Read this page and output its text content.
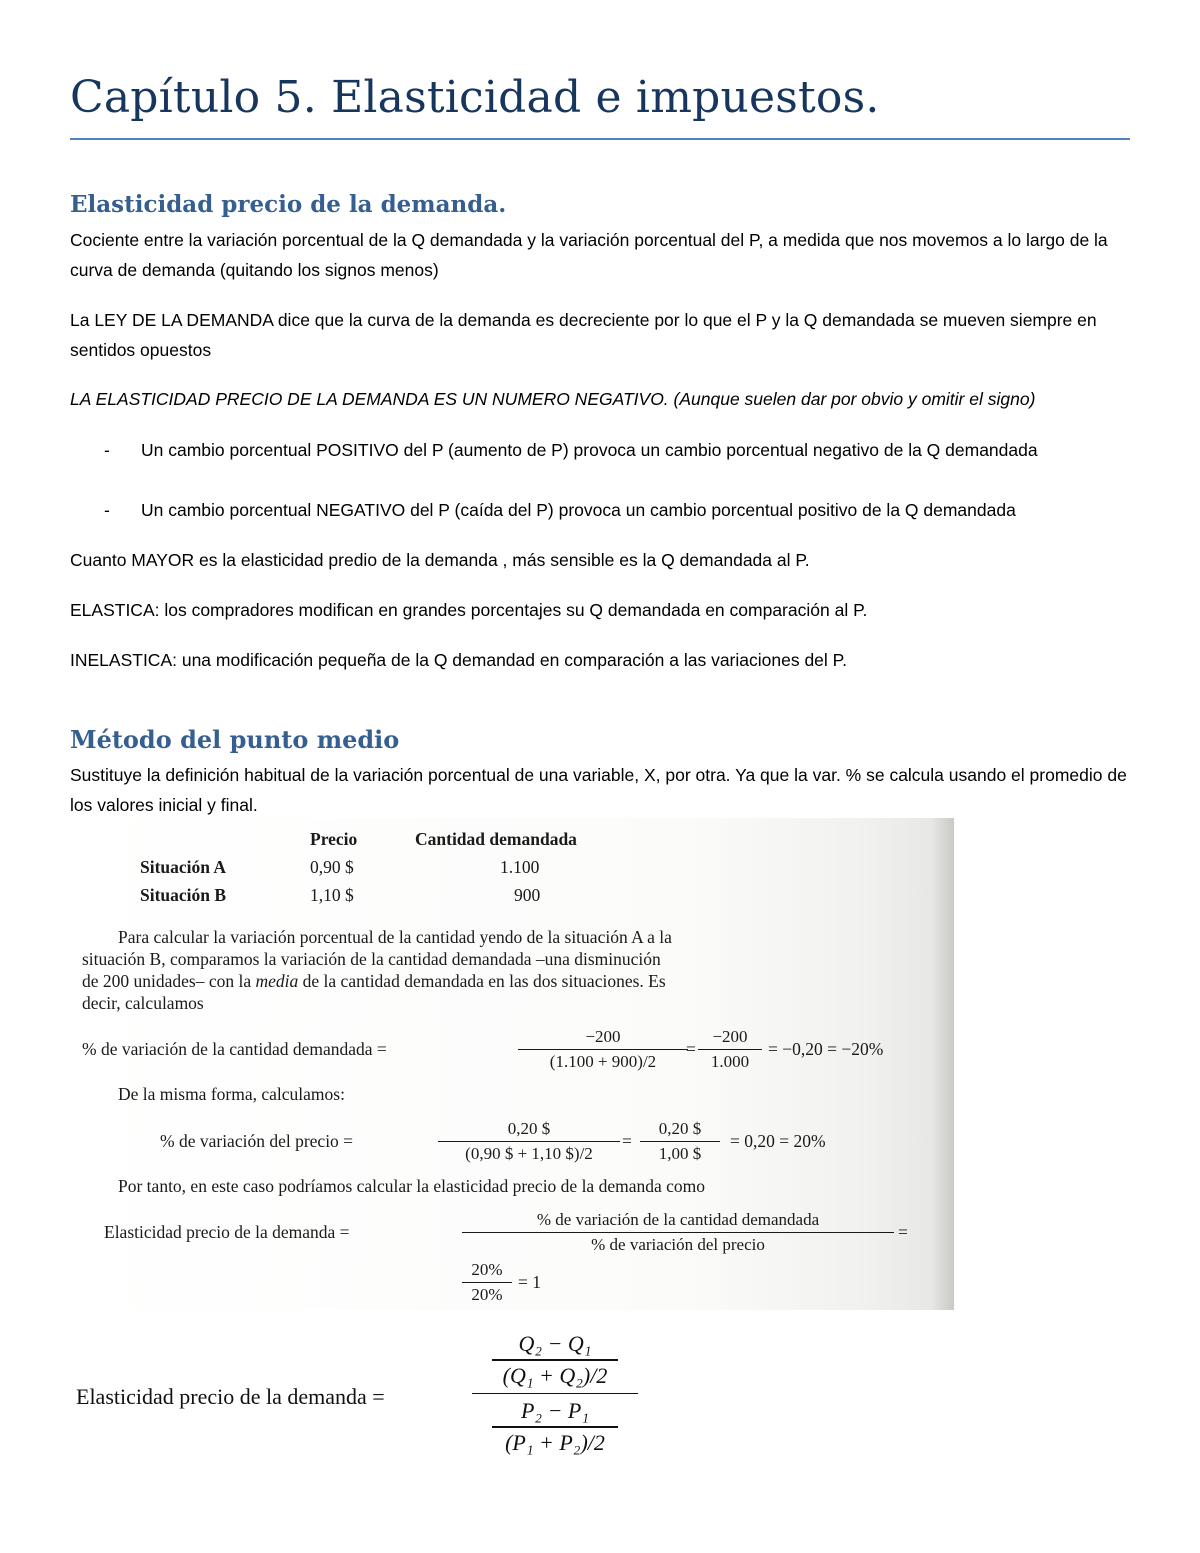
Capítulo 5. Elasticidad e impuestos.
Elasticidad precio de la demanda.

Cociente entre la variación porcentual de la Q demandada y la variación porcentual del P, a medida que nos movemos a lo largo de la curva de demanda (quitando los signos menos)

La LEY DE LA DEMANDA dice que la curva de la demanda es decreciente por lo que el P y la Q demandada se mueven siempre en sentidos opuestos

LA ELASTICIDAD PRECIO DE LA DEMANDA ES UN NUMERO NEGATIVO. (Aunque suelen dar por obvio y omitir el signo)

- Un cambio porcentual POSITIVO del P (aumento de P) provoca un cambio porcentual negativo de la Q demandada
- Un cambio porcentual NEGATIVO del P (caída del P) provoca un cambio porcentual positivo de la Q demandada

Cuanto MAYOR es la elasticidad predio de la demanda , más sensible es la Q demandada al P.

ELASTICA: los compradores modifican en grandes porcentajes su Q demandada en comparación al P.

INELASTICA: una modificación pequeña de la Q demandad en comparación a las variaciones del P.

Método del punto medio

Sustituye la definición habitual de la variación porcentual de una variable, X, por otra. Ya que la var. % se calcula usando el promedio de los valores inicial y final.

Precio	Cantidad demandada
Situación A	0,90 $	1.100
Situación B	1,10 $	900
Para calcular la variación porcentual de la cantidad yendo de la situación A a la
situación B, comparamos la variación de la cantidad demandada –una disminución
de 200 unidades– con la media de la cantidad demandada en las dos situaciones. Es
decir, calculamos
% de variación de la cantidad demandada =
−200
(1.100 + 900)/2
=
−200
1.000
= −0,20 = −20%
De la misma forma, calculamos:
% de variación del precio =
0,20 $
(0,90 $ + 1,10 $)/2
=
0,20 $
1,00 $
= 0,20 = 20%
Por tanto, en este caso podríamos calcular la elasticidad precio de la demanda como
Elasticidad precio de la demanda =
% de variación de la cantidad demandada
% de variación del precio
=
20%
20%
= 1
Elasticidad precio de la demanda =
Q₂ − Q₁
(Q₁ + Q₂)/2
P₂ − P₁
(P₁ + P₂)/2
